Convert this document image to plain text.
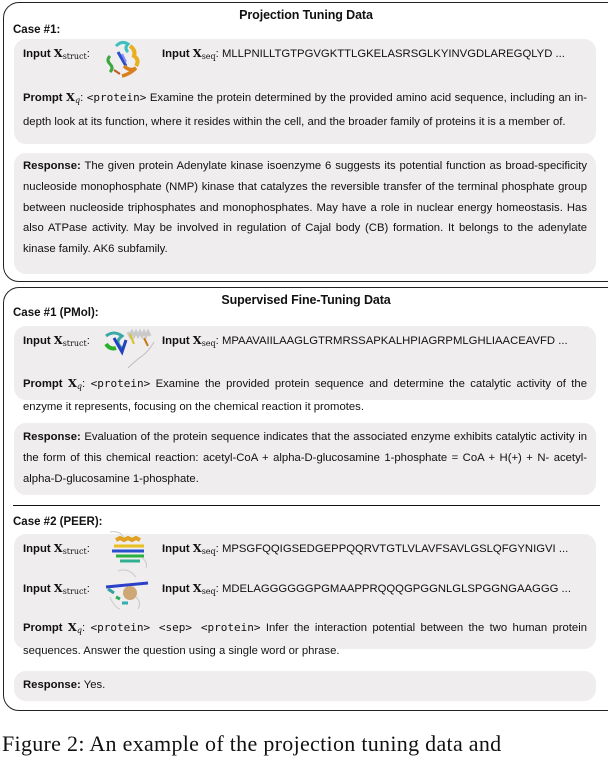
Projection Tuning Data
Case #1:
Input $X_{struct}$:	Input $X_{seq}$: MLLPNILLTGTPGVGKTTLGKELASRSGLKYINVGDLAREGQLYD ...
Prompt Xq: <protein> Examine the protein determined by the provided amino acid sequence, including an in-depth look at its function, where it resides within the cell, and the broader family of proteins it is a member of.
Response: The given protein Adenylate kinase isoenzyme 6 suggests its potential function as broad-specificity nucleoside monophosphate (NMP) kinase that catalyzes the reversible transfer of the terminal phosphate group between nucleoside triphosphates and monophosphates. May have a role in nuclear energy homeostasis. Has also ATPase activity. May be involved in regulation of Cajal body (CB) formation. It belongs to the adenylate kinase family. AK6 subfamily.
Supervised Fine-Tuning Data
Case #1 (PMol):
Input $X_{struct}$:	Input $X_{seq}$: MPAAVAIILAAGLGTRMRSSAPKALHPIAGRPMLGHLIAACEAVFD ...
Prompt Xq: <protein> Examine the provided protein sequence and determine the catalytic activity of the enzyme it represents, focusing on the chemical reaction it promotes.
Response: Evaluation of the protein sequence indicates that the associated enzyme exhibits catalytic activity in the form of this chemical reaction: acetyl-CoA + alpha-D-glucosamine 1-phosphate = CoA + H(+) + N- acetyl-alpha-D-glucosamine 1-phosphate.
Case #2 (PEER):
Input $X_{struct}$:	Input $X_{seq}$: MPSGFQQIGSEDGEPPQQRVTGTLVLAVFSAVLGSLQFGYNIGVI ...
Input $X_{struct}$:	Input $X_{seq}$: MDELAGGGGGGPGMAAPPRQQQGPGGNLGLSPGGNGAAGGG ...
Prompt Xq: <protein> <sep> <protein> Infer the interaction potential between the two human protein sequences. Answer the question using a single word or phrase.
Response: Yes.
Figure 2: An example of the projection tuning data and
